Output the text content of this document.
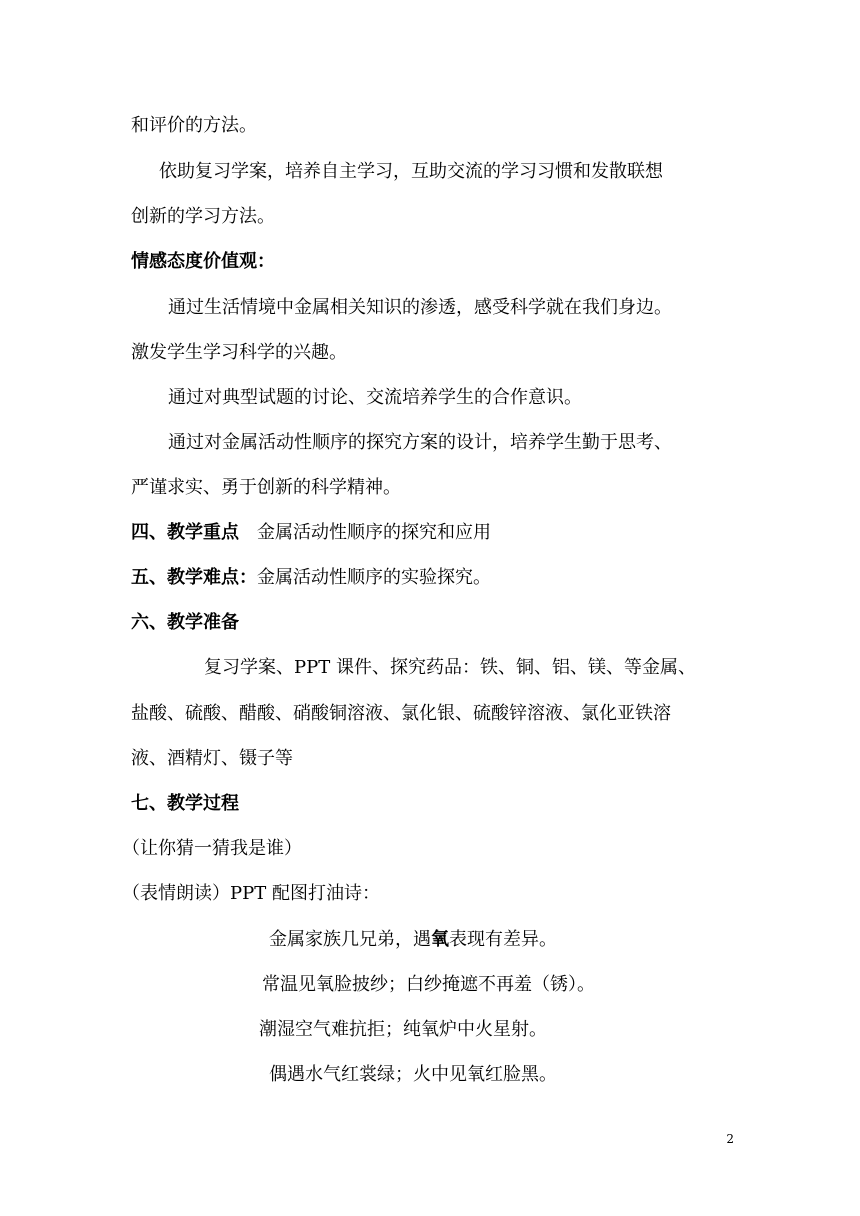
和评价的方法。
依助复习学案，培养自主学习，互助交流的学习习惯和发散联想
创新的学习方法。
情感态度价值观：
通过生活情境中金属相关知识的渗透，感受科学就在我们身边。
激发学生学习科学的兴趣。
通过对典型试题的讨论、交流培养学生的合作意识。
通过对金属活动性顺序的探究方案的设计，培养学生勤于思考、
严谨求实、勇于创新的科学精神。
四、教学重点 金属活动性顺序的探究和应用
五、教学难点：金属活动性顺序的实验探究。
六、教学准备
复习学案、PPT 课件、探究药品：铁、铜、铝、镁、等金属、
盐酸、硫酸、醋酸、硝酸铜溶液、氯化银、硫酸锌溶液、氯化亚铁溶
液、酒精灯、镊子等
七、教学过程
（让你猜一猜我是谁）
（表情朗读）PPT 配图打油诗：
金属家族几兄弟，遇氧表现有差异。
常温见氧脸披纱；白纱掩遮不再羞（锈）。
潮湿空气难抗拒；纯氧炉中火星射。
偶遇水气红裳绿；火中见氧红脸黑。
2
